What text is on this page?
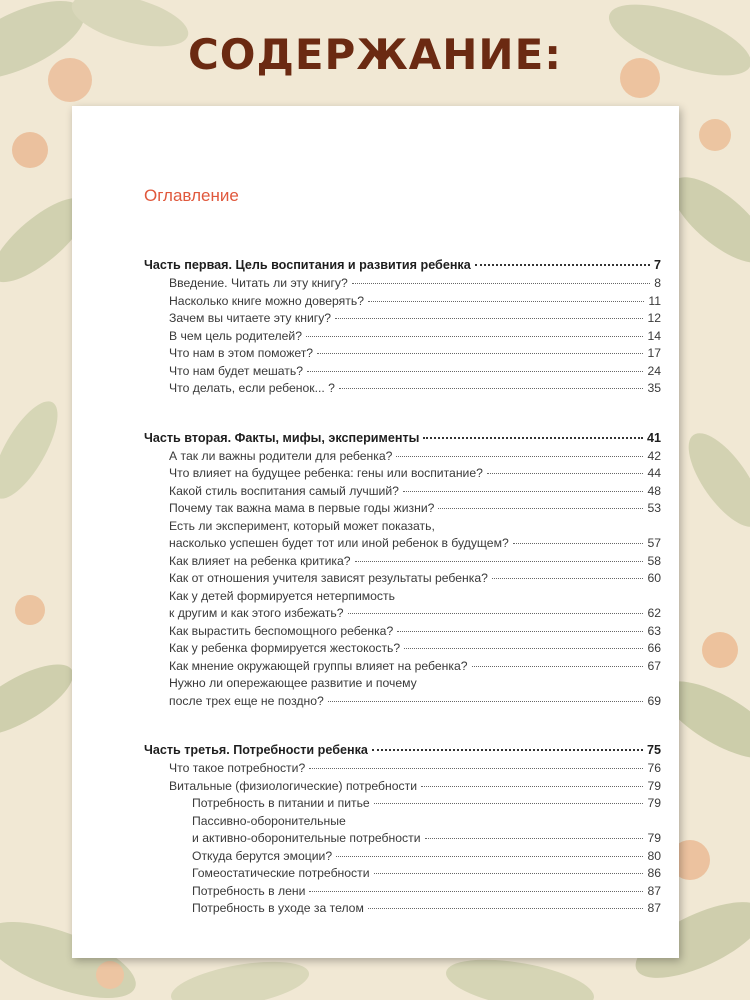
СОДЕРЖАНИЕ:
Оглавление
Часть первая. Цель воспитания и развития ребенка	7
Введение. Читать ли эту книгу?	8
Насколько книге можно доверять?	11
Зачем вы читаете эту книгу?	12
В чем цель родителей?	14
Что нам в этом поможет?	17
Что нам будет мешать?	24
Что делать, если ребенок... ?	35
Часть вторая. Факты, мифы, эксперименты	41
А так ли важны родители для ребенка?	42
Что влияет на будущее ребенка: гены или воспитание?	44
Какой стиль воспитания самый лучший?	48
Почему так важна мама в первые годы жизни?	53
Есть ли эксперимент, который может показать,
насколько успешен будет тот или иной ребенок в будущем?	57
Как влияет на ребенка критика?	58
Как от отношения учителя зависят результаты ребенка?	60
Как у детей формируется нетерпимость
к другим и как этого избежать?	62
Как вырастить беспомощного ребенка?	63
Как у ребенка формируется жестокость?	66
Как мнение окружающей группы влияет на ребенка?	67
Нужно ли опережающее развитие и почему
после трех еще не поздно?	69
Часть третья. Потребности ребенка	75
Что такое потребности?	76
Витальные (физиологические) потребности	79
Потребность в питании и питье	79
Пассивно-оборонительные
и активно-оборонительные потребности	79
Откуда берутся эмоции?	80
Гомеостатические потребности	86
Потребность в лени	87
Потребность в уходе за телом	87
